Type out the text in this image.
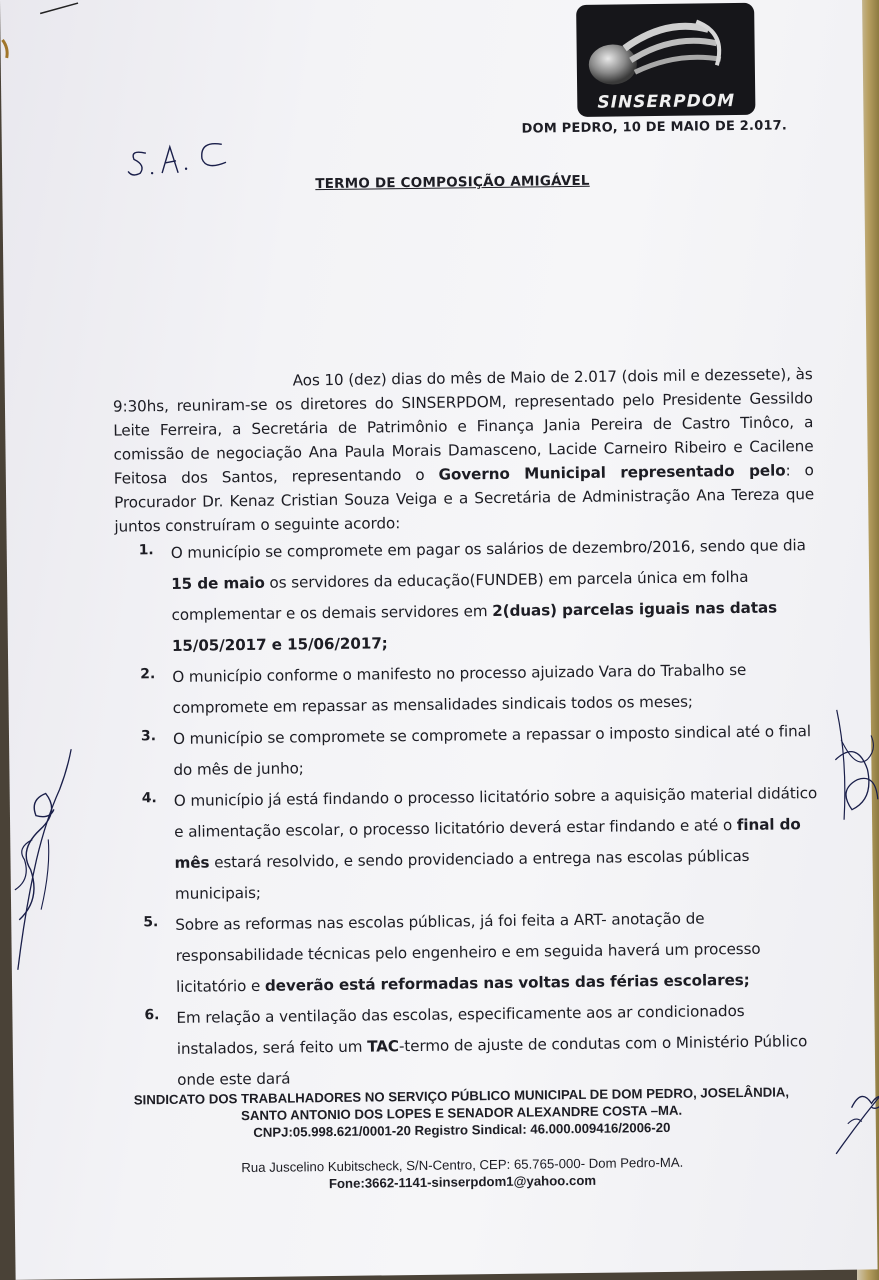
SINSERPDOM
DOM PEDRO, 10 DE MAIO DE 2.017.
TERMO DE COMPOSIÇÃO AMIGÁVEL

Aos 10 (dez) dias do mês de Maio de 2.017 (dois mil e dezessete), às 9:30hs, reuniram-se os diretores do SINSERPDOM, representado pelo Presidente Gessildo Leite Ferreira, a Secretária de Patrimônio e Finança Jania Pereira de Castro Tinôco, a comissão de negociação Ana Paula Morais Damasceno, Lacide Carneiro Ribeiro e Cacilene Feitosa dos Santos, representando o Governo Municipal representado pelo: o Procurador Dr. Kenaz Cristian Souza Veiga e a Secretária de Administração Ana Tereza que juntos construíram o seguinte acordo:

1. O município se compromete em pagar os salários de dezembro/2016, sendo que dia 15 de maio os servidores da educação(FUNDEB) em parcela única em folha complementar e os demais servidores em 2(duas) parcelas iguais nas datas 15/05/2017 e 15/06/2017;
2. O município conforme o manifesto no processo ajuizado Vara do Trabalho se compromete em repassar as mensalidades sindicais todos os meses;
3. O município se compromete se compromete a repassar o imposto sindical até o final do mês de junho;
4. O município já está findando o processo licitatório sobre a aquisição material didático e alimentação escolar, o processo licitatório deverá estar findando e até o final do mês estará resolvido, e sendo providenciado a entrega nas escolas públicas municipais;
5. Sobre as reformas nas escolas públicas, já foi feita a ART- anotação de responsabilidade técnicas pelo engenheiro e em seguida haverá um processo licitatório e deverão está reformadas nas voltas das férias escolares;
6. Em relação a ventilação das escolas, especificamente aos ar condicionados instalados, será feito um TAC-termo de ajuste de condutas com o Ministério Público onde este dará
SINDICATO DOS TRABALHADORES NO SERVIÇO PÚBLICO MUNICIPAL DE DOM PEDRO, JOSELÂNDIA,
SANTO ANTONIO DOS LOPES E SENADOR ALEXANDRE COSTA –MA.
CNPJ:05.998.621/0001-20 Registro Sindical: 46.000.009416/2006-20
Rua Juscelino Kubitscheck, S/N-Centro, CEP: 65.765-000- Dom Pedro-MA.
Fone:3662-1141-sinserpdom1@yahoo.com
